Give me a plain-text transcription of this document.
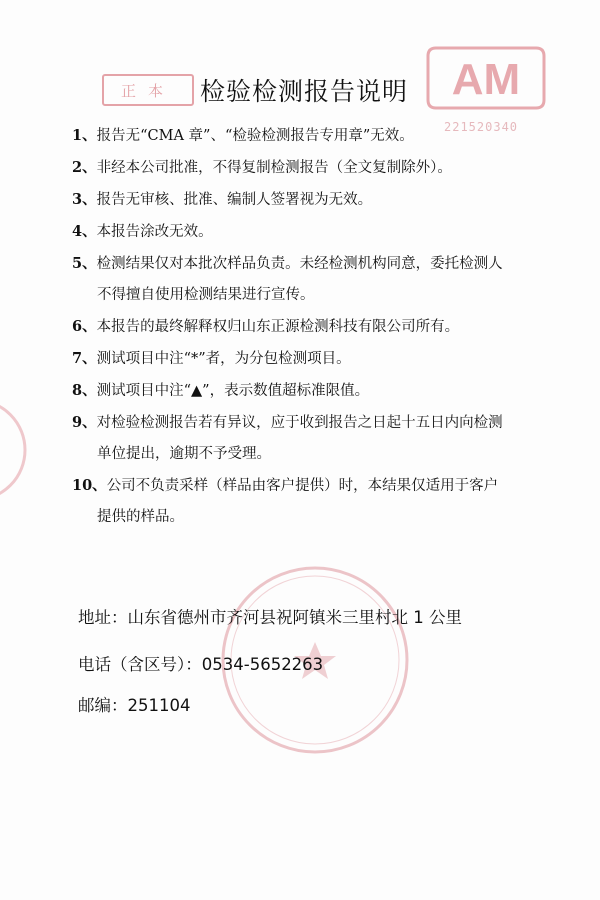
正本	检验检测报告说明 AM
221520340
1、报告无“CMA 章”、“检验检测报告专用章”无效。
2、非经本公司批准，不得复制检测报告（全文复制除外）。
3、报告无审核、批准、编制人签署视为无效。
4、本报告涂改无效。
5、检测结果仅对本批次样品负责。未经检测机构同意，委托检测人
不得擅自使用检测结果进行宣传。
6、本报告的最终解释权归山东正源检测科技有限公司所有。
7、测试项目中注“*”者，为分包检测项目。
8、测试项目中注“▲”，表示数值超标准限值。
9、对检验检测报告若有异议，应于收到报告之日起十五日内向检测
单位提出，逾期不予受理。
10、公司不负责采样（样品由客户提供）时，本结果仅适用于客户
提供的样品。
地址：山东省德州市齐河县祝阿镇米三里村北 1 公里
电话（含区号）：0534-5652263
邮编：251104
